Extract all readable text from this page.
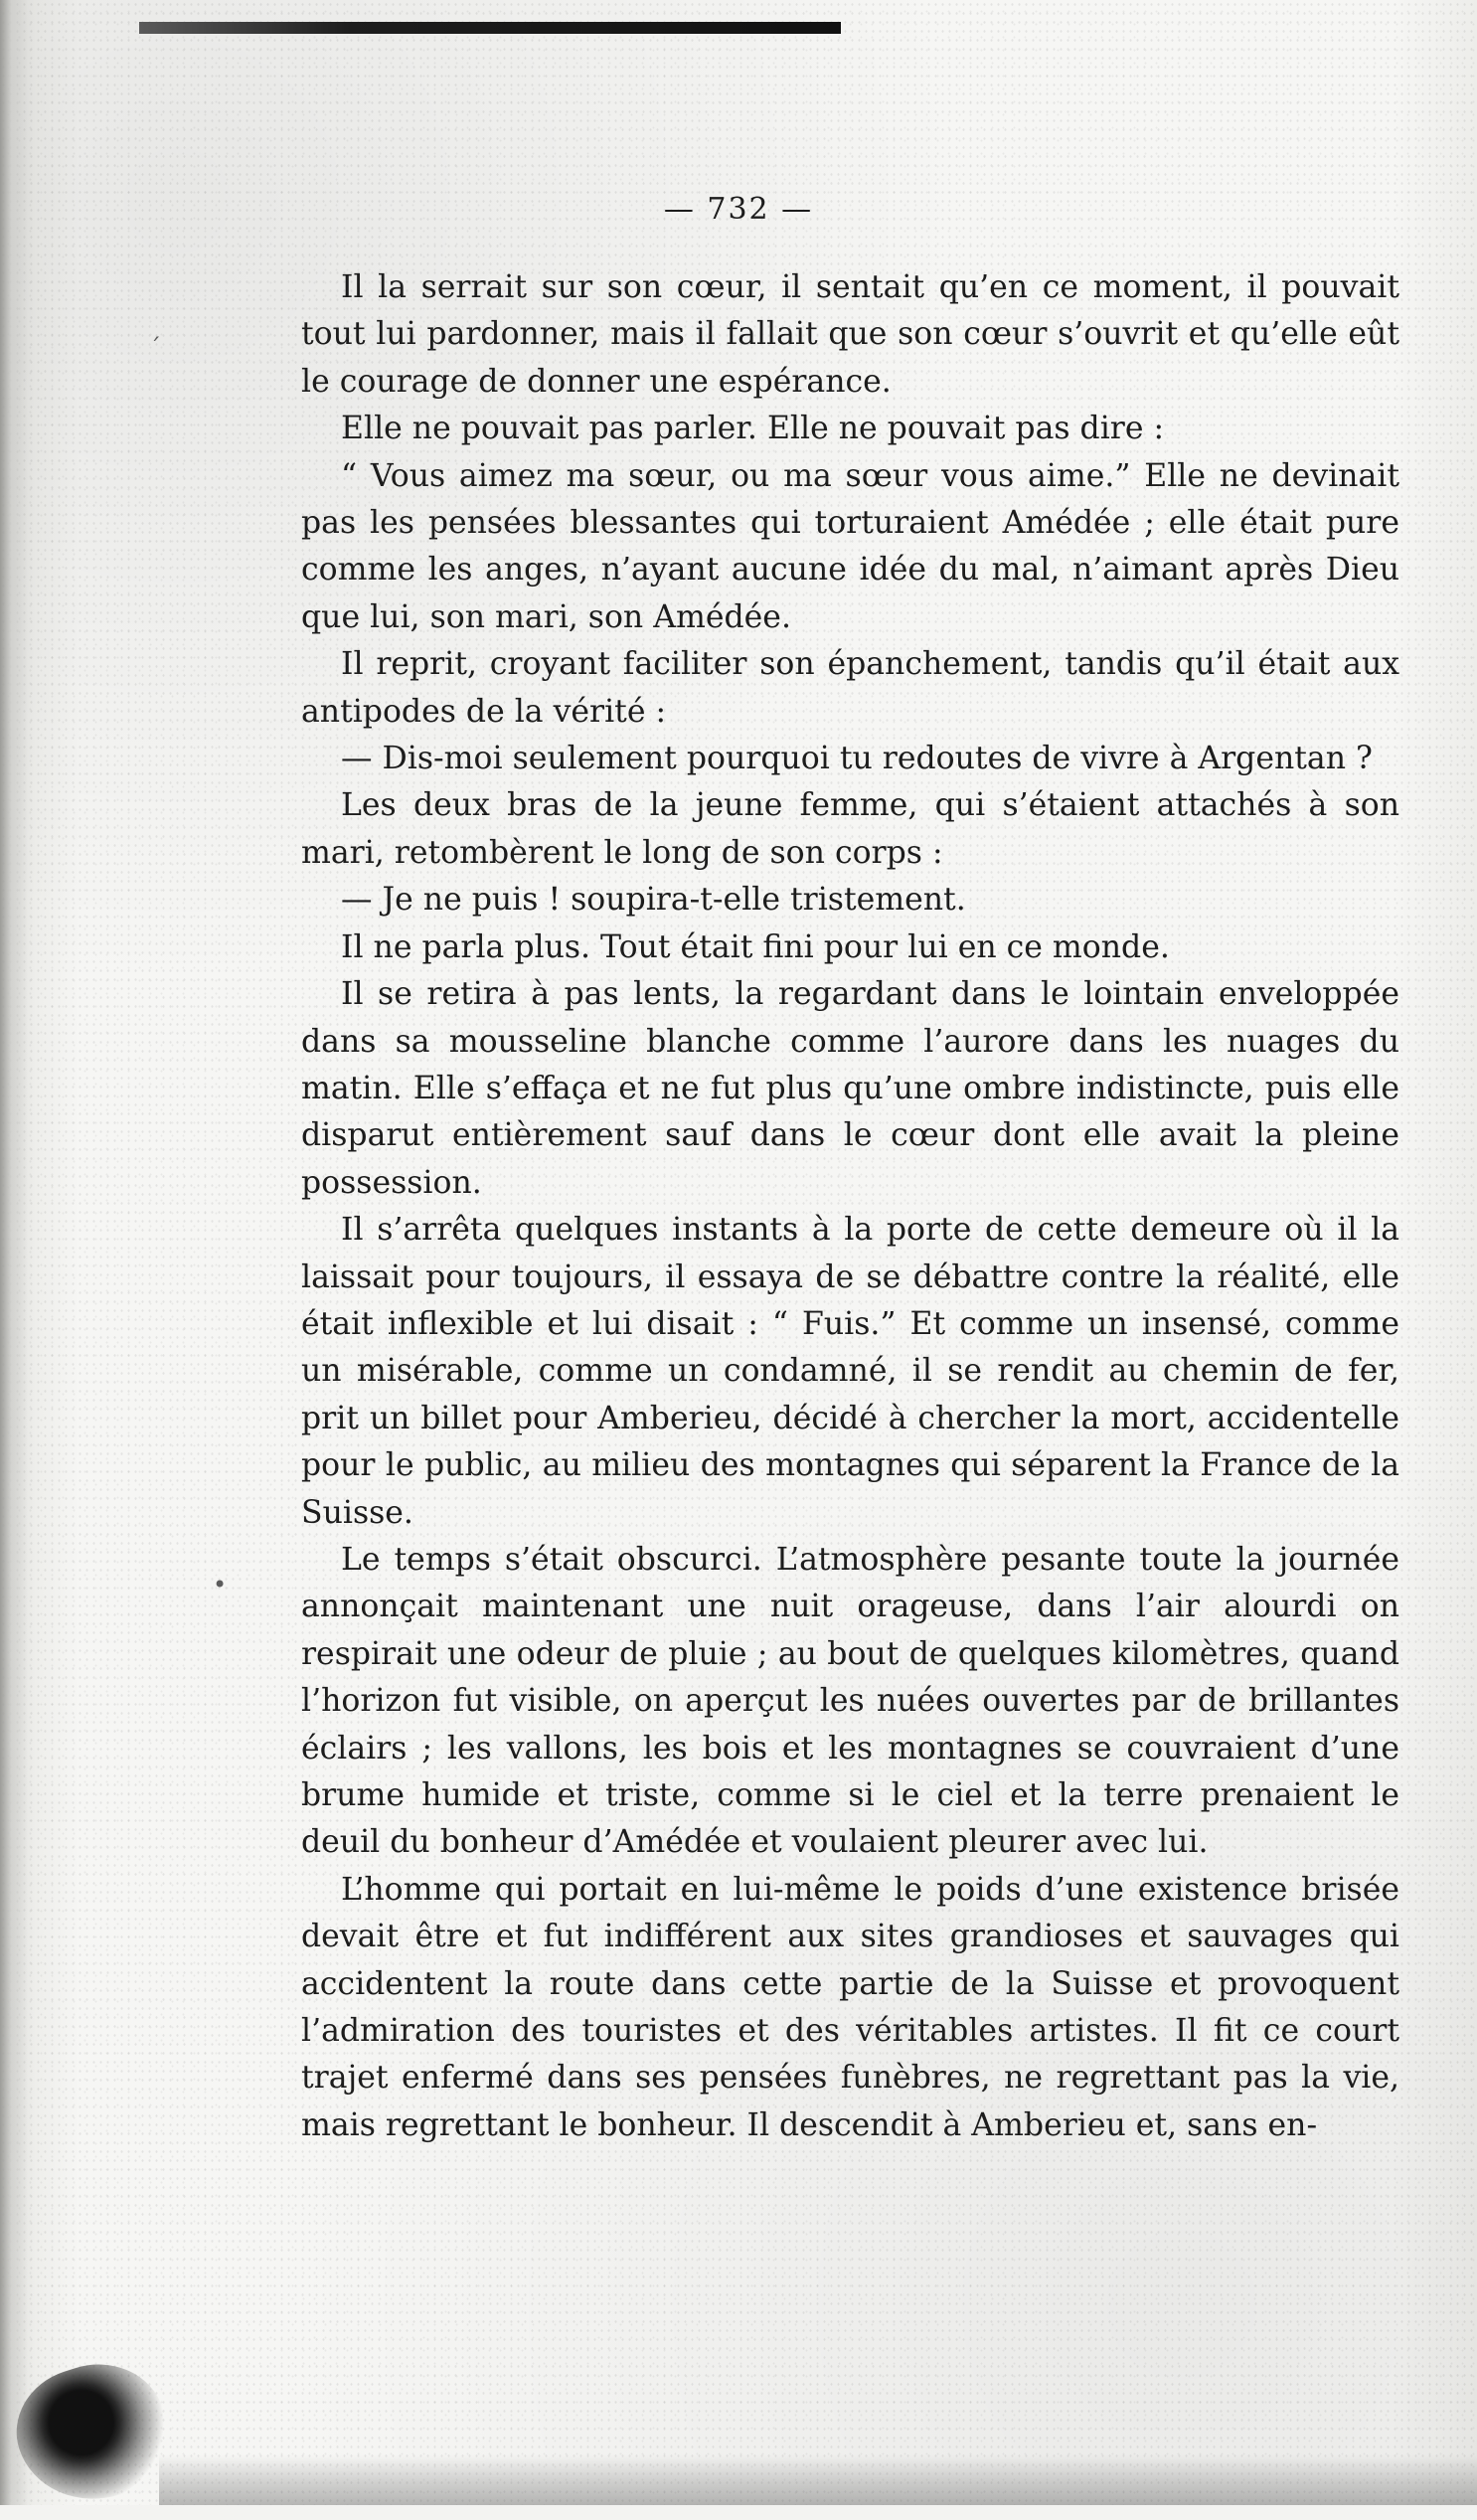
— 732 —
´
•

Il la serrait sur son cœur, il sentait qu’en ce moment, il pouvait tout lui pardonner, mais il fallait que son cœur s’ouvrit et qu’elle eût le courage de donner une espérance.

Elle ne pouvait pas parler. Elle ne pouvait pas dire :

“ Vous aimez ma sœur, ou ma sœur vous aime.” Elle ne devinait pas les pensées blessantes qui torturaient Amédée ; elle était pure comme les anges, n’ayant aucune idée du mal, n’aimant après Dieu que lui, son mari, son Amédée.

Il reprit, croyant faciliter son épanchement, tandis qu’il était aux antipodes de la vérité :

— Dis-moi seulement pourquoi tu redoutes de vivre à Argentan ?

Les deux bras de la jeune femme, qui s’étaient attachés à son mari, retombèrent le long de son corps :

— Je ne puis ! soupira-t-elle tristement.

Il ne parla plus. Tout était fini pour lui en ce monde.

Il se retira à pas lents, la regardant dans le lointain enveloppée dans sa mousseline blanche comme l’aurore dans les nuages du matin. Elle s’effaça et ne fut plus qu’une ombre indistincte, puis elle disparut entièrement sauf dans le cœur dont elle avait la pleine possession.

Il s’arrêta quelques instants à la porte de cette demeure où il la laissait pour toujours, il essaya de se débattre contre la réalité, elle était inflexible et lui disait : “ Fuis.” Et comme un insensé, comme un misérable, comme un condamné, il se rendit au chemin de fer, prit un billet pour Amberieu, décidé à chercher la mort, accidentelle pour le public, au milieu des montagnes qui séparent la France de la Suisse.

Le temps s’était obscurci. L’atmosphère pesante toute la journée annonçait maintenant une nuit orageuse, dans l’air alourdi on respirait une odeur de pluie ; au bout de quelques kilomètres, quand l’horizon fut visible, on aperçut les nuées ouvertes par de brillantes éclairs ; les vallons, les bois et les montagnes se couvraient d’une brume humide et triste, comme si le ciel et la terre prenaient le deuil du bonheur d’Amédée et voulaient pleurer avec lui.

L’homme qui portait en lui-même le poids d’une existence brisée devait être et fut indifférent aux sites grandioses et sauvages qui accidentent la route dans cette partie de la Suisse et provoquent l’admiration des touristes et des véritables artistes. Il fit ce court trajet enfermé dans ses pensées funèbres, ne regrettant pas la vie, mais regrettant le bonheur. Il descendit à Amberieu et, sans en-
